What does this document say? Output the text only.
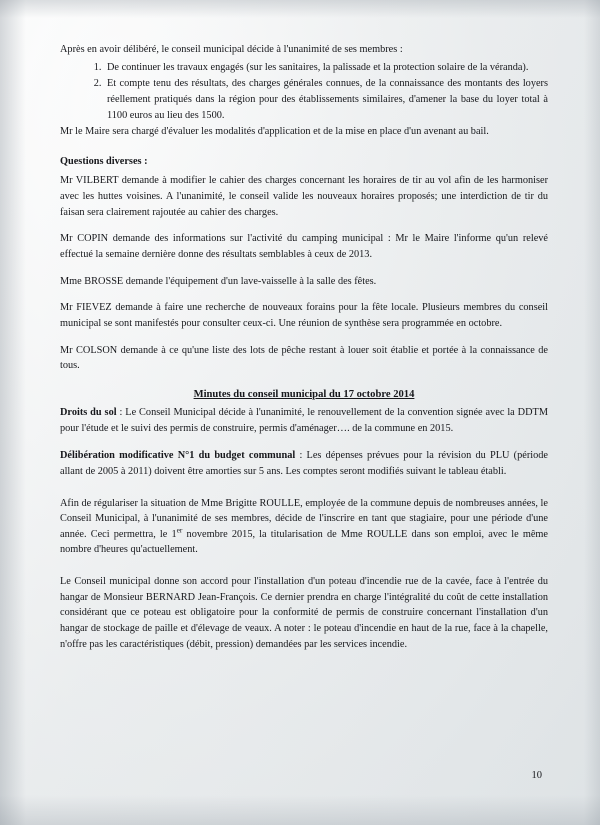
Après en avoir délibéré, le conseil municipal décide à l'unanimité de ses membres :

1. De continuer les travaux engagés (sur les sanitaires, la palissade et la protection solaire de la véranda).
2. Et compte tenu des résultats, des charges générales connues, de la connaissance des montants des loyers réellement pratiqués dans la région pour des établissements similaires, d'amener la base du loyer total à 1100 euros au lieu des 1500.

Mr le Maire sera chargé d'évaluer les modalités d'application et de la mise en place d'un avenant au bail.

Questions diverses :

Mr VILBERT demande à modifier le cahier des charges concernant les horaires de tir au vol afin de les harmoniser avec les huttes voisines. A l'unanimité, le conseil valide les nouveaux horaires proposés; une interdiction de tir du faisan sera clairement rajoutée au cahier des charges.

Mr COPIN demande des informations sur l'activité du camping municipal : Mr le Maire l'informe qu'un relevé effectué la semaine dernière donne des résultats semblables à ceux de 2013.

Mme BROSSE demande l'équipement d'un lave-vaisselle à la salle des fêtes.

Mr FIEVEZ demande à faire une recherche de nouveaux forains pour la fête locale. Plusieurs membres du conseil municipal se sont manifestés pour consulter ceux-ci. Une réunion de synthèse sera programmée en octobre.

Mr COLSON demande à ce qu'une liste des lots de pêche restant à louer soit établie et portée à la connaissance de tous.

Minutes du conseil municipal du 17 octobre 2014

Droits du sol : Le Conseil Municipal décide à l'unanimité, le renouvellement de la convention signée avec la DDTM pour l'étude et le suivi des permis de construire, permis d'aménager…. de la commune en 2015.

Délibération modificative N°1 du budget communal : Les dépenses prévues pour la révision du PLU (période allant de 2005 à 2011) doivent être amorties sur 5 ans. Les comptes seront modifiés suivant le tableau établi.

Afin de régulariser la situation de Mme Brigitte ROULLE, employée de la commune depuis de nombreuses années, le Conseil Municipal, à l'unanimité de ses membres, décide de l'inscrire en tant que stagiaire, pour une période d'une année. Ceci permettra, le 1er novembre 2015, la titularisation de Mme ROULLE dans son emploi, avec le même nombre d'heures qu'actuellement.

Le Conseil municipal donne son accord pour l'installation d'un poteau d'incendie rue de la cavée, face à l'entrée du hangar de Monsieur BERNARD Jean-François. Ce dernier prendra en charge l'intégralité du coût de cette installation considérant que ce poteau est obligatoire pour la conformité de permis de construire concernant l'installation d'un hangar de stockage de paille et d'élevage de veaux. A noter : le poteau d'incendie en haut de la rue, face à la chapelle, n'offre pas les caractéristiques (débit, pression) demandées par les services incendie.

10
